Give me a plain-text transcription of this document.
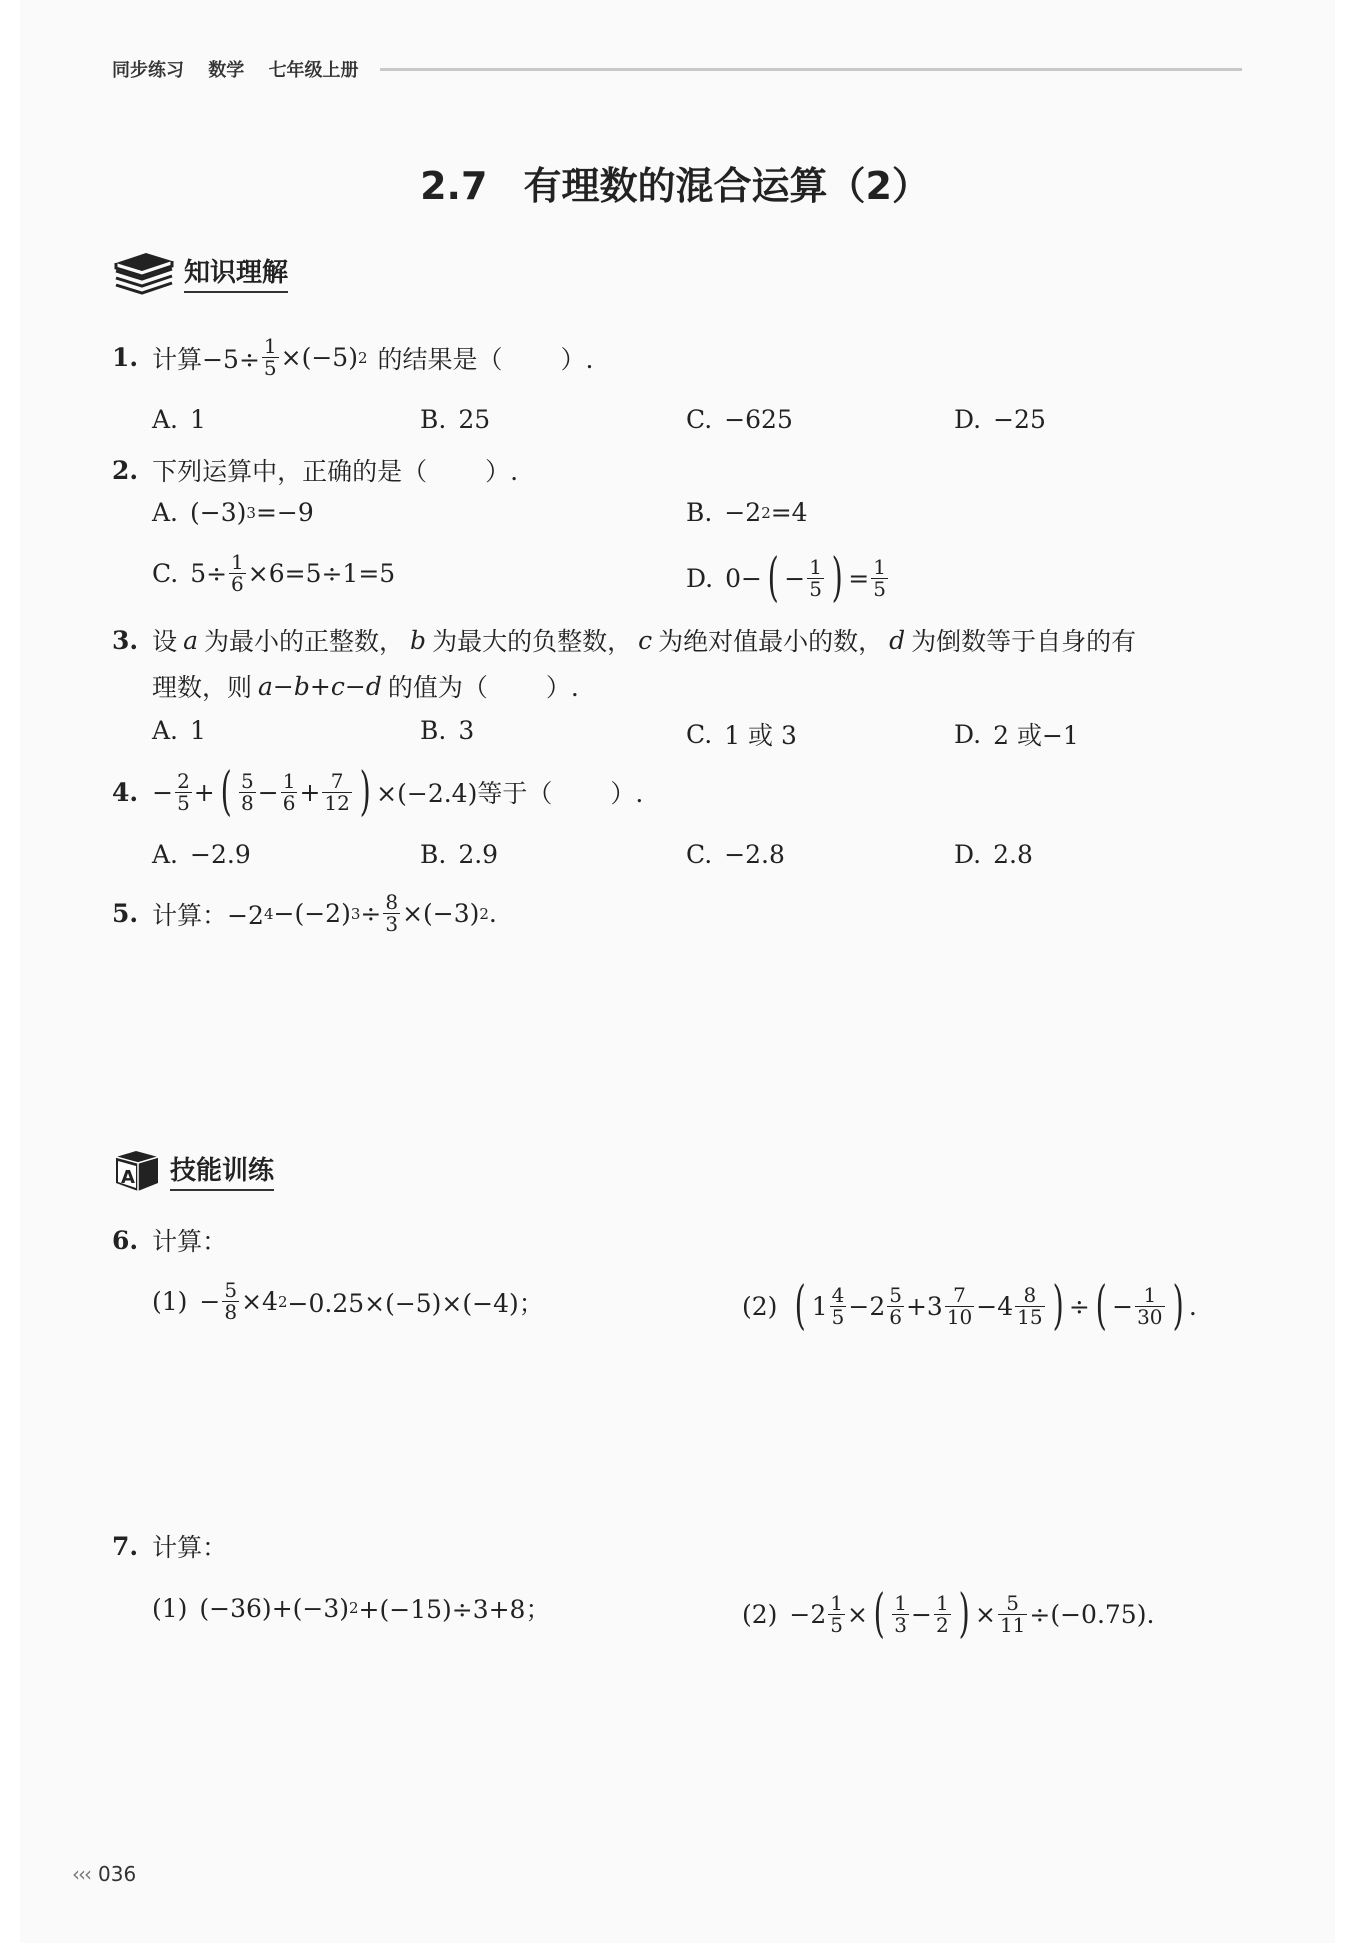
同步练习 数学 七年级上册
2.7 有理数的混合运算（2）
知识理解
1. 计算$-5\div \frac{1}{5} \times(-5)$ 2 的结果是（ ）.
A. 1	B. 25	C. −625	D. −25
2. 下列运算中，正确的是（ ）.
A. (−3) 3 =−9	B. −2 2 =4
C. $5\div \frac{1}{6} \times 6=5\div 1=5$	D. 0− ( − $\frac{1}{5}$ ) = $\frac{1}{5}$
3. 设 a 为最小的正整数， b 为最大的负整数， c 为绝对值最小的数， d 为倒数等于自身的有
理数，则 a − b + c − d 的值为（ ）.
A. 1	B. 3	C. 1 或 3	D. 2 或−1
4. − $\frac{2}{5}$ + ( $\frac{5}{8} - \frac{1}{6} + \frac{7}{12}$ ) ×(−2.4)等于（ ）.
A. −2.9	B. 2.9	C. −2.8	D. 2.8
5. 计算：−2 4 −(−2) $3 \div \frac{8}{3} \times(-3)$ 2 .
A 技能训练
6. 计算：
$(1) - \frac{5}{8} \times 4$ 2 −0.25×(−5)×(−4)；	(2) ( $1 \frac{4}{5} - 2 \frac{5}{6} + 3 \frac{7}{10} - 4 \frac{8}{15}$ ) ÷ ( − $\frac{1}{30}$ ) .
7. 计算：
(1) (−36)+(−3) 2 +(−15)÷3+8；	$(2) - 2 \frac{1}{5}$ × ( $\frac{1}{3} - \frac{1}{2}$ ) × $\frac{5}{11} \div(-0.75)$.
‹‹‹ 036
